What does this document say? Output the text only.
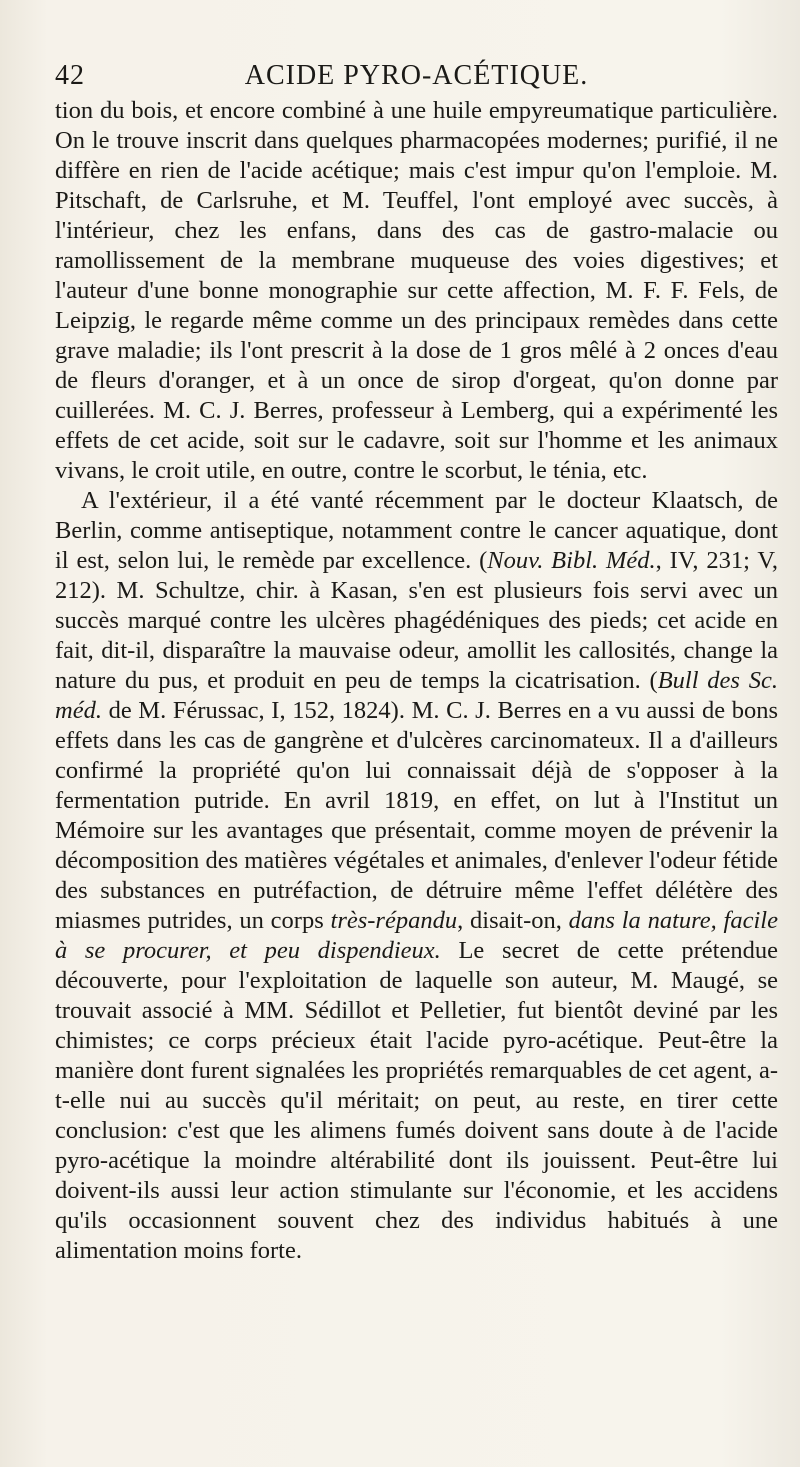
42	ACIDE PYRO-ACÉTIQUE.

tion du bois, et encore combiné à une huile empyreumatique particulière. On le trouve inscrit dans quelques pharmacopées modernes; purifié, il ne diffère en rien de l'acide acétique; mais c'est impur qu'on l'emploie. M. Pitschaft, de Carlsruhe, et M. Teuffel, l'ont employé avec succès, à l'intérieur, chez les enfans, dans des cas de gastro-malacie ou ramollissement de la membrane muqueuse des voies digestives; et l'auteur d'une bonne monographie sur cette affection, M. F. F. Fels, de Leipzig, le regarde même comme un des principaux remèdes dans cette grave maladie; ils l'ont prescrit à la dose de 1 gros mêlé à 2 onces d'eau de fleurs d'oranger, et à un once de sirop d'orgeat, qu'on donne par cuillerées. M. C. J. Berres, professeur à Lemberg, qui a expérimenté les effets de cet acide, soit sur le cadavre, soit sur l'homme et les animaux vivans, le croit utile, en outre, contre le scorbut, le ténia, etc.

A l'extérieur, il a été vanté récemment par le docteur Klaatsch, de Berlin, comme antiseptique, notamment contre le cancer aquatique, dont il est, selon lui, le remède par excellence. (Nouv. Bibl. Méd., IV, 231; V, 212). M. Schultze, chir. à Kasan, s'en est plusieurs fois servi avec un succès marqué contre les ulcères phagédéniques des pieds; cet acide en fait, dit-il, disparaître la mauvaise odeur, amollit les callosités, change la nature du pus, et produit en peu de temps la cicatrisation. (Bull des Sc. méd. de M. Férussac, I, 152, 1824). M. C. J. Berres en a vu aussi de bons effets dans les cas de gangrène et d'ulcères carcinomateux. Il a d'ailleurs confirmé la propriété qu'on lui connaissait déjà de s'opposer à la fermentation putride. En avril 1819, en effet, on lut à l'Institut un Mémoire sur les avantages que présentait, comme moyen de prévenir la décomposition des matières végétales et animales, d'enlever l'odeur fétide des substances en putréfaction, de détruire même l'effet délétère des miasmes putrides, un corps très-répandu, disait-on, dans la nature, facile à se procurer, et peu dispendieux. Le secret de cette prétendue découverte, pour l'exploitation de laquelle son auteur, M. Maugé, se trouvait associé à MM. Sédillot et Pelletier, fut bientôt deviné par les chimistes; ce corps précieux était l'acide pyro-acétique. Peut-être la manière dont furent signalées les propriétés remarquables de cet agent, a-t-elle nui au succès qu'il méritait; on peut, au reste, en tirer cette conclusion: c'est que les alimens fumés doivent sans doute à de l'acide pyro-acétique la moindre altérabilité dont ils jouissent. Peut-être lui doivent-ils aussi leur action stimulante sur l'économie, et les accidens qu'ils occasionnent souvent chez des individus habitués à une alimentation moins forte.
